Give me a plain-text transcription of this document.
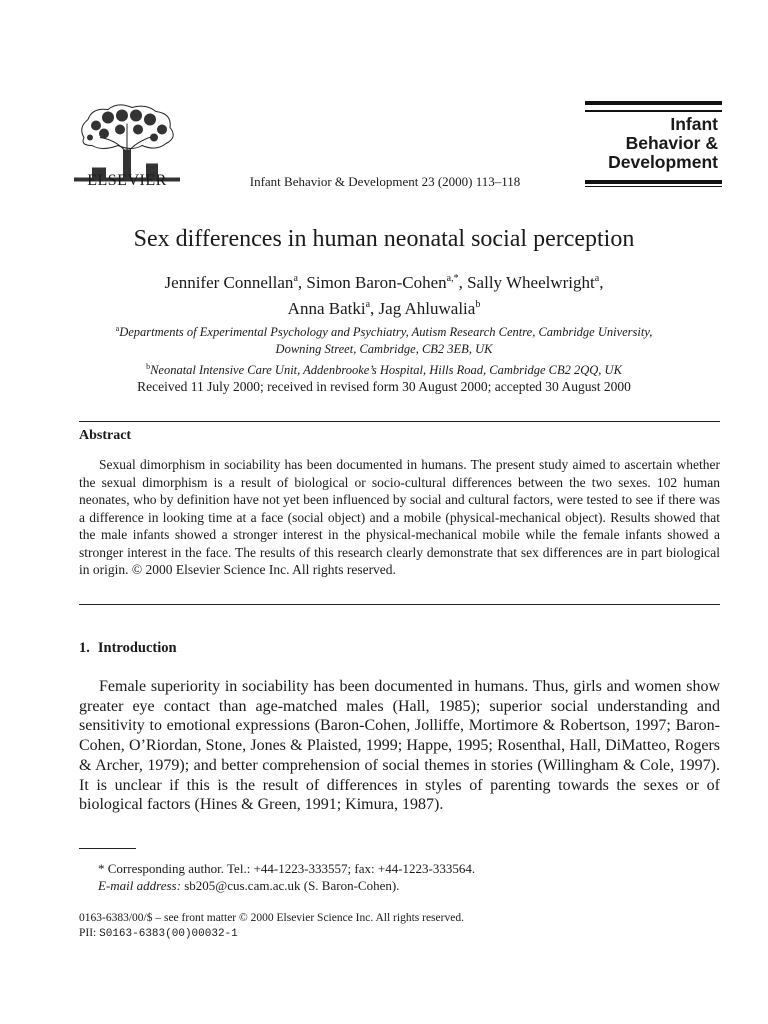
ELSEVIER	Infant Behavior & Development 23 (2000) 113–118
Infant
Behavior &
Development
Sex differences in human neonatal social perception
Jennifer Connellan$^a$, Simon Baron-Cohen$^{a,*}$, Sally Wheelwright$^a$,
Anna Batki$^a$, Jag Ahluwalia$^b$
$^a$Departments of Experimental Psychology and Psychiatry, Autism Research Centre, Cambridge University,
Downing Street, Cambridge, CB2 3EB, UK
$^b$Neonatal Intensive Care Unit, Addenbrooke’s Hospital, Hills Road, Cambridge CB2 2QQ, UK
Received 11 July 2000; received in revised form 30 August 2000; accepted 30 August 2000
Abstract
Sexual dimorphism in sociability has been documented in humans. The present study aimed to ascertain whether the sexual dimorphism is a result of biological or socio-cultural differences between the two sexes. 102 human neonates, who by definition have not yet been influenced by social and cultural factors, were tested to see if there was a difference in looking time at a face (social object) and a mobile (physical-mechanical object). Results showed that the male infants showed a stronger interest in the physical-mechanical mobile while the female infants showed a stronger interest in the face. The results of this research clearly demonstrate that sex differences are in part biological in origin. © 2000 Elsevier Science Inc. All rights reserved.
1. Introduction
Female superiority in sociability has been documented in humans. Thus, girls and women show greater eye contact than age-matched males (Hall, 1985); superior social understanding and sensitivity to emotional expressions (Baron-Cohen, Jolliffe, Mortimore & Robertson, 1997; Baron-Cohen, O’Riordan, Stone, Jones & Plaisted, 1999; Happe, 1995; Rosenthal, Hall, DiMatteo, Rogers & Archer, 1979); and better comprehension of social themes in stories (Willingham & Cole, 1997). It is unclear if this is the result of differences in styles of parenting towards the sexes or of biological factors (Hines & Green, 1991; Kimura, 1987).
* Corresponding author. Tel.: +44-1223-333557; fax: +44-1223-333564.
E-mail address: sb205@cus.cam.ac.uk (S. Baron-Cohen).
0163-6383/00/$ – see front matter © 2000 Elsevier Science Inc. All rights reserved.
PII: S0163-6383(00)00032-1
